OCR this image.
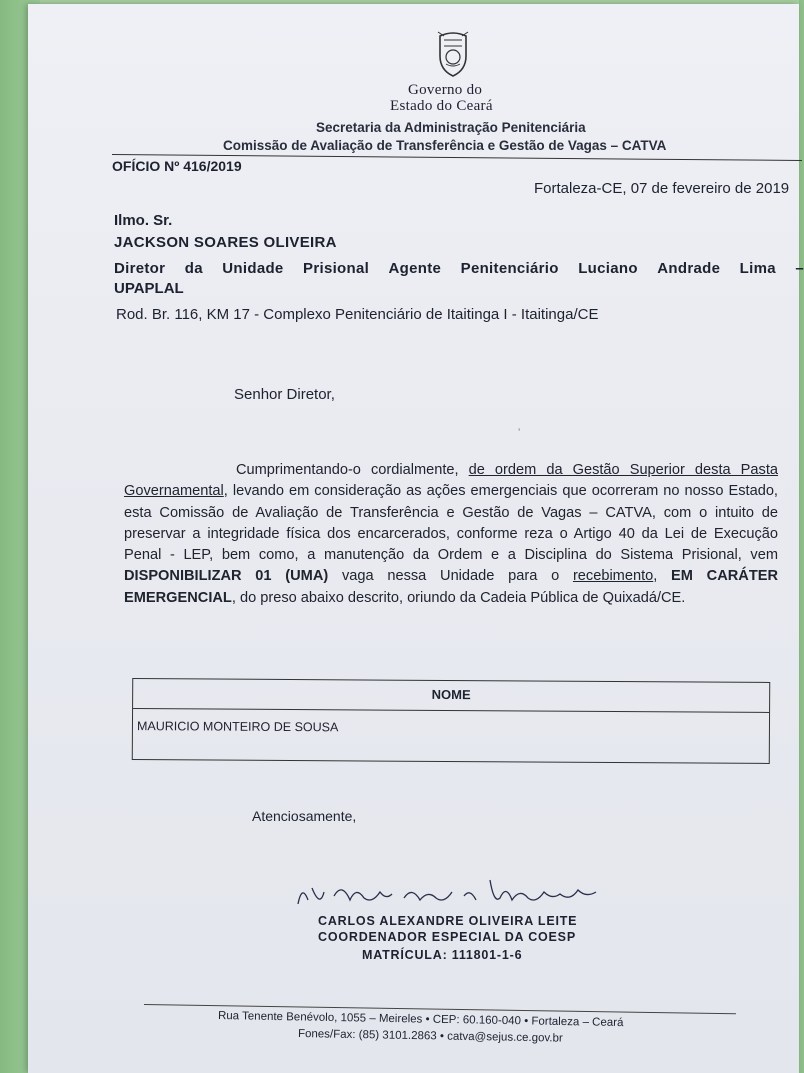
Governo do
Estado do Ceará
Secretaria da Administração Penitenciária
Comissão de Avaliação de Transferência e Gestão de Vagas – CATVA
OFÍCIO Nº 416/2019
Fortaleza-CE, 07 de fevereiro de 2019
Ilmo. Sr.
JACKSON SOARES OLIVEIRA
Diretor da Unidade Prisional Agente Penitenciário Luciano Andrade Lima –
UPAPLAL
Rod. Br. 116, KM 17 - Complexo Penitenciário de Itaitinga I - Itaitinga/CE
Senhor Diretor,
ʼ
Cumprimentando-o cordialmente, de ordem da Gestão Superior desta Pasta Governamental, levando em consideração as ações emergenciais que ocorreram no nosso Estado, esta Comissão de Avaliação de Transferência e Gestão de Vagas – CATVA, com o intuito de preservar a integridade física dos encarcerados, conforme reza o Artigo 40 da Lei de Execução Penal - LEP, bem como, a manutenção da Ordem e a Disciplina do Sistema Prisional, vem DISPONIBILIZAR 01 (UMA) vaga nessa Unidade para o recebimento, EM CARÁTER EMERGENCIAL, do preso abaixo descrito, oriundo da Cadeia Pública de Quixadá/CE.
NOME
MAURICIO MONTEIRO DE SOUSA
Atenciosamente,
CARLOS ALEXANDRE OLIVEIRA LEITE
COORDENADOR ESPECIAL DA COESP
MATRÍCULA: 111801-1-6
Rua Tenente Benévolo, 1055 – Meireles • CEP: 60.160-040 • Fortaleza – Ceará
Fones/Fax: (85) 3101.2863 • catva@sejus.ce.gov.br
